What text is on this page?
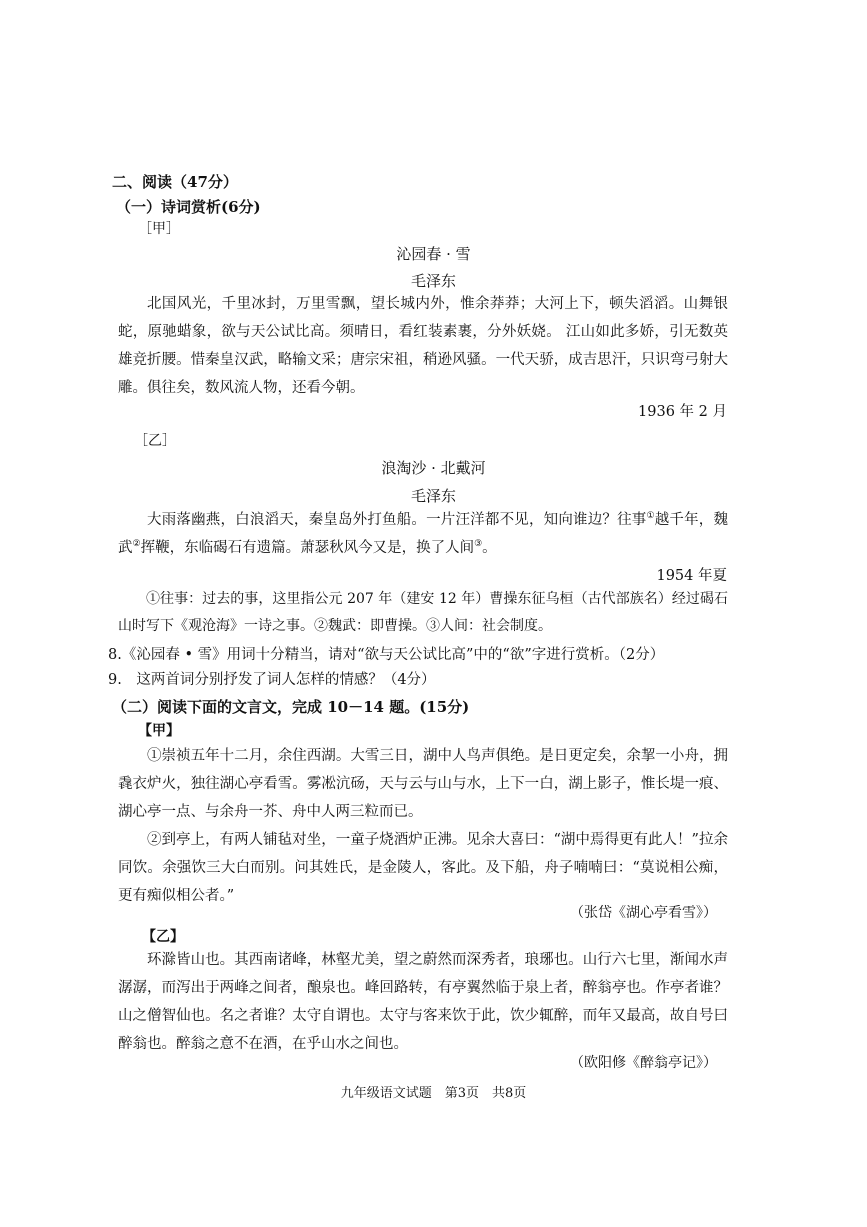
二、阅读（47分）
（一）诗词赏析(6分)
［甲］
沁园春 · 雪
毛泽东
北国风光，千里冰封，万里雪飘，望长城内外，惟余莽莽；大河上下，顿失滔滔。山舞银蛇，原驰蜡象，欲与天公试比高。须晴日，看红装素裹，分外妖娆。 江山如此多娇，引无数英雄竞折腰。惜秦皇汉武，略输文采；唐宗宋祖，稍逊风骚。一代天骄，成吉思汗，只识弯弓射大雕。俱往矣，数风流人物，还看今朝。
1936 年 2 月
［乙］
浪淘沙 · 北戴河
毛泽东
大雨落幽燕，白浪滔天，秦皇岛外打鱼船。一片汪洋都不见，知向谁边？往事①越千年，魏武②挥鞭，东临碣石有遗篇。萧瑟秋风今又是，换了人间③。
1954 年夏
①往事：过去的事，这里指公元 207 年（建安 12 年）曹操东征乌桓（古代部族名）经过碣石山时写下《观沧海》一诗之事。②魏武：即曹操。③人间：社会制度。
8.《沁园春 • 雪》用词十分精当，请对“欲与天公试比高”中的“欲”字进行赏析。（2分）
9.　这两首词分别抒发了词人怎样的情感？（4分）
（二）阅读下面的文言文，完成 10－14 题。(15分)
【甲】
①崇祯五年十二月，余住西湖。大雪三日，湖中人鸟声俱绝。是日更定矣，余挈一小舟，拥毳衣炉火，独往湖心亭看雪。雾凇沆砀，天与云与山与水，上下一白，湖上影子，惟长堤一痕、湖心亭一点、与余舟一芥、舟中人两三粒而已。
②到亭上，有两人铺毡对坐，一童子烧酒炉正沸。见余大喜曰：“湖中焉得更有此人！”拉余同饮。余强饮三大白而别。问其姓氏，是金陵人，客此。及下船，舟子喃喃曰：“莫说相公痴，更有痴似相公者。”
（张岱《湖心亭看雪》）
【乙】
环滁皆山也。其西南诸峰，林壑尤美，望之蔚然而深秀者，琅琊也。山行六七里，渐闻水声潺潺，而泻出于两峰之间者，酿泉也。峰回路转，有亭翼然临于泉上者，醉翁亭也。作亭者谁？山之僧智仙也。名之者谁？太守自谓也。太守与客来饮于此，饮少辄醉，而年又最高，故自号曰醉翁也。醉翁之意不在酒，在乎山水之间也。
（欧阳修《醉翁亭记》）
九年级语文试题　第3页　共8页
